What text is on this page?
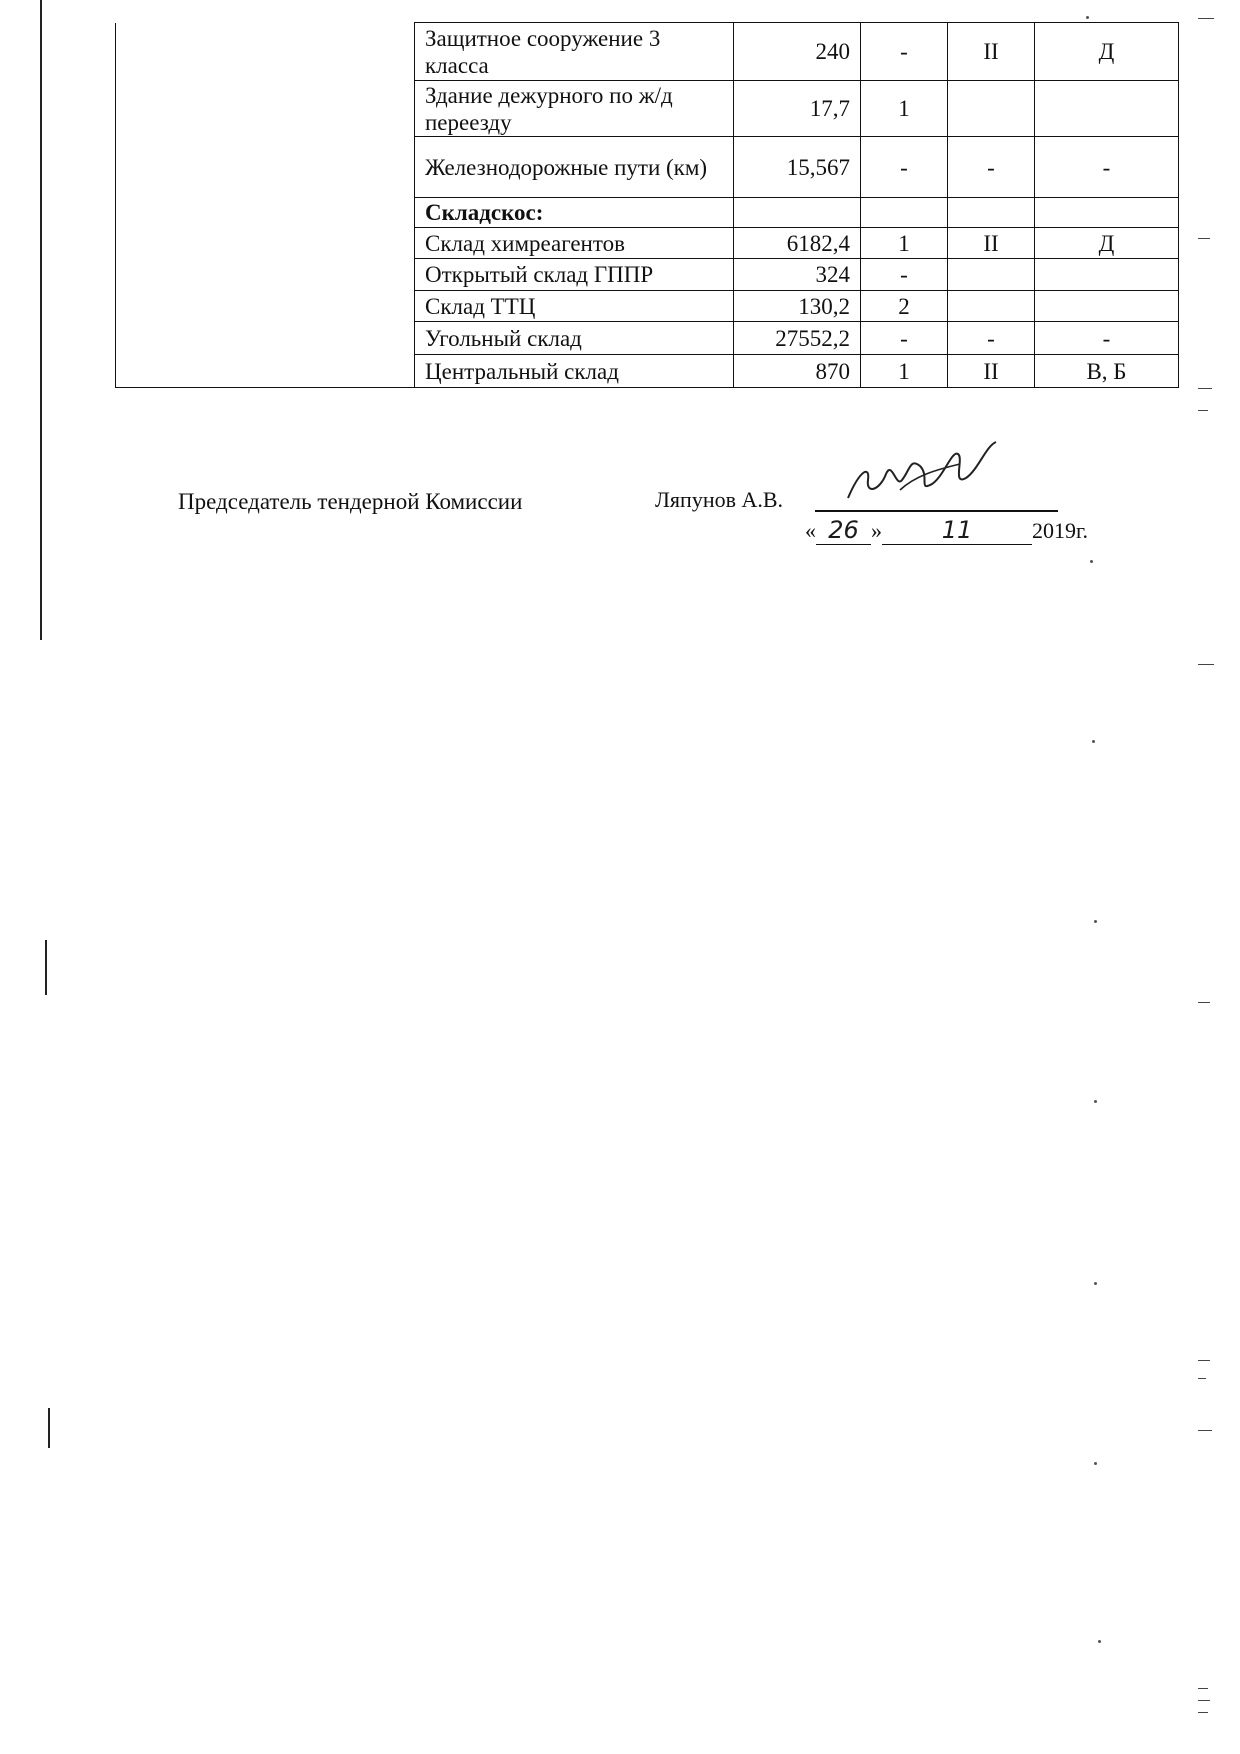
	Защитное сооружение 3 класса	240	-	II	Д
	Здание дежурного по ж/д переезду	17,7	1		
	Железнодорожные пути (км)	15,567	-	-	-
	Складскос:				
	Склад химреагентов	6182,4	1	II	Д
	Открытый склад ГППР	324	-		
	Склад ТТЦ	130,2	2		
	Угольный склад	27552,2	-	-	-
	Центральный склад	870	1	II	В, Б
Председатель тендерной Комиссии	Ляпунов А.В.
« 26 » 11	2019г.
